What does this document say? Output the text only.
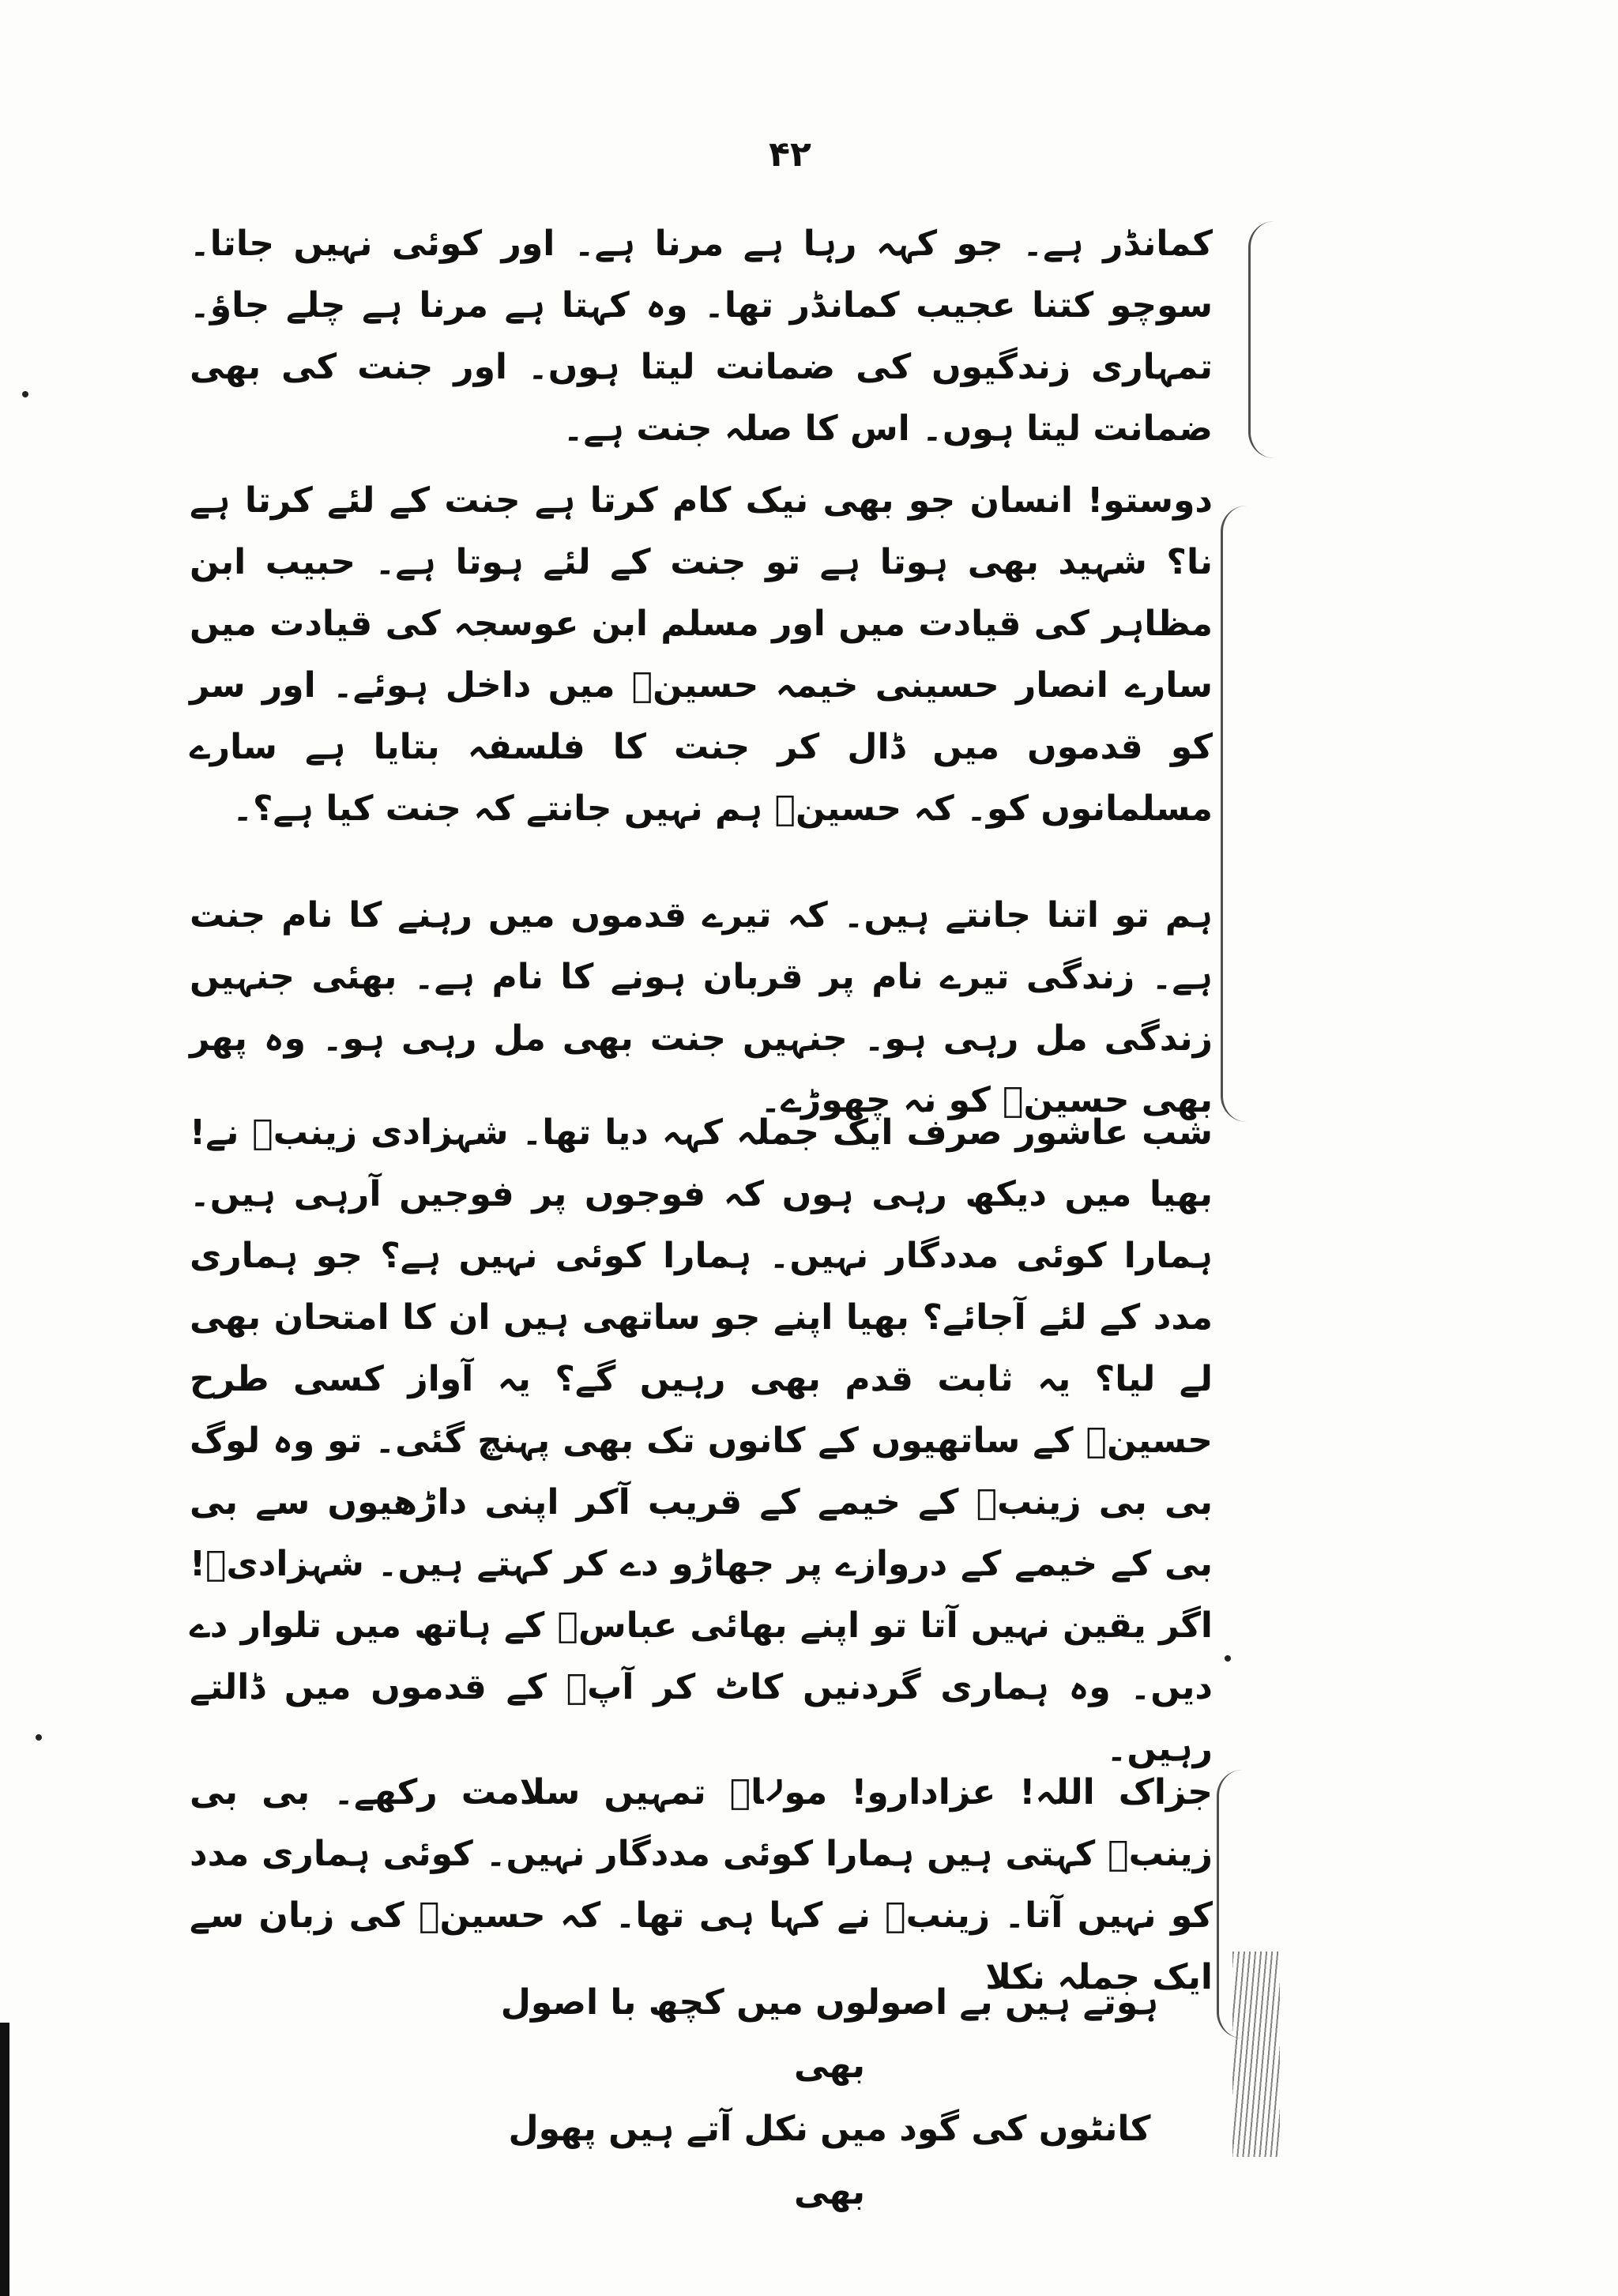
۴۲

کمانڈر ہے۔ جو کہہ رہا ہے مرنا ہے۔ اور کوئی نہیں جاتا۔ سوچو کتنا عجیب کمانڈر تھا۔ وہ کہتا ہے مرنا ہے چلے جاؤ۔ تمہاری زندگیوں کی ضمانت لیتا ہوں۔ اور جنت کی بھی ضمانت لیتا ہوں۔ اس کا صلہ جنت ہے۔

دوستو! انسان جو بھی نیک کام کرتا ہے جنت کے لئے کرتا ہے نا؟ شہید بھی ہوتا ہے تو جنت کے لئے ہوتا ہے۔ حبیب ابن مظاہر کی قیادت میں اور مسلم ابن عوسجہ کی قیادت میں سارے انصار حسینی خیمہ حسینؑ میں داخل ہوئے۔ اور سر کو قدموں میں ڈال کر جنت کا فلسفہ بتایا ہے سارے مسلمانوں کو۔ کہ حسینؑ ہم نہیں جانتے کہ جنت کیا ہے؟۔

ہم تو اتنا جانتے ہیں۔ کہ تیرے قدموں میں رہنے کا نام جنت ہے۔ زندگی تیرے نام پر قربان ہونے کا نام ہے۔ بھئی جنہیں زندگی مل رہی ہو۔ جنہیں جنت بھی مل رہی ہو۔ وہ پھر بھی حسینؑ کو نہ چھوڑے۔

شب عاشور صرف ایک جملہ کہہ دیا تھا۔ شہزادی زینبؑ نے! بھیا میں دیکھ رہی ہوں کہ فوجوں پر فوجیں آرہی ہیں۔ ہمارا کوئی مددگار نہیں۔ ہمارا کوئی نہیں ہے؟ جو ہماری مدد کے لئے آجائے؟ بھیا اپنے جو ساتھی ہیں ان کا امتحان بھی لے لیا؟ یہ ثابت قدم بھی رہیں گے؟ یہ آواز کسی طرح حسینؑ کے ساتھیوں کے کانوں تک بھی پہنچ گئی۔ تو وہ لوگ بی بی زینبؑ کے خیمے کے قریب آکر اپنی داڑھیوں سے بی بی کے خیمے کے دروازے پر جھاڑو دے کر کہتے ہیں۔ شہزادیؑ! اگر یقین نہیں آتا تو اپنے بھائی عباسؑ کے ہاتھ میں تلوار دے دیں۔ وہ ہماری گردنیں کاٹ کر آپؑ کے قدموں میں ڈالتے رہیں۔

جزاک اللہ! عزادارو! مولاؑ تمہیں سلامت رکھے۔ بی بی زینبؑ کہتی ہیں ہمارا کوئی مددگار نہیں۔ کوئی ہماری مدد کو نہیں آتا۔ زینبؑ نے کہا ہی تھا۔ کہ حسینؑ کی زبان سے ایک جملہ نکلا

ہوتے ہیں بے اصولوں میں کچھ با اصول بھی
کانٹوں کی گود میں نکل آتے ہیں پھول بھی
